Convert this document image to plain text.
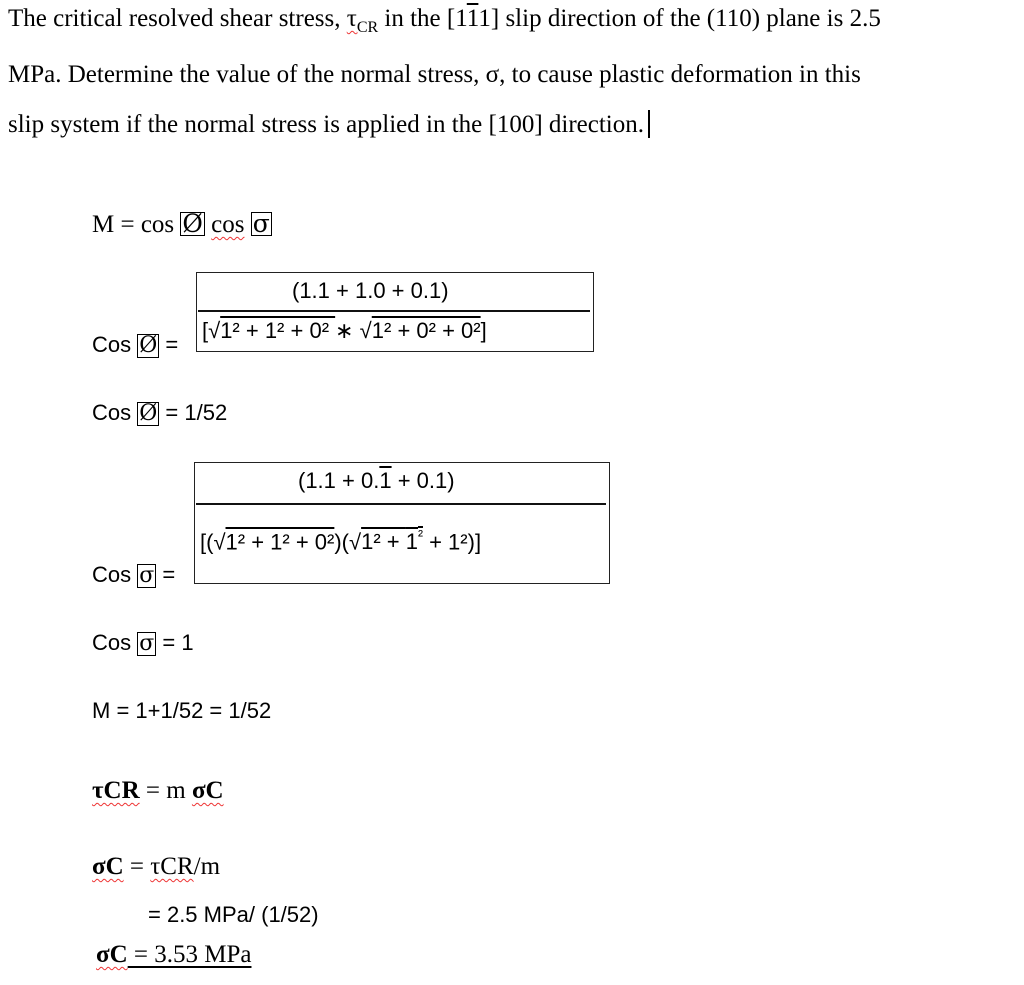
The critical resolved shear stress, $\tau_{CR}$ in the [111] slip direction of the (110) plane is 2.5
MPa. Determine the value of the normal stress, σ, to cause plastic deformation in this
slip system if the normal stress is applied in the [100] direction.
M = cos Ø cos σ
(1.1 + 1.0 + 0.1)
[√1² + 1² + 0² ∗ √1² + 0² + 0²]
Cos Ø =
Cos Ø = 1/52
(1.1 + 0.1 + 0.1)
$[(√1^2 + 1^2 + 0^2)(√1^2 + 1^{^2} + 1^2)]$
Cos σ =
Cos σ = 1
M = 1+1/52 = 1/52
τCR = m σC
σC = τCR/m
= 2.5 MPa/ (1/52)
σC = 3.53 MPa
